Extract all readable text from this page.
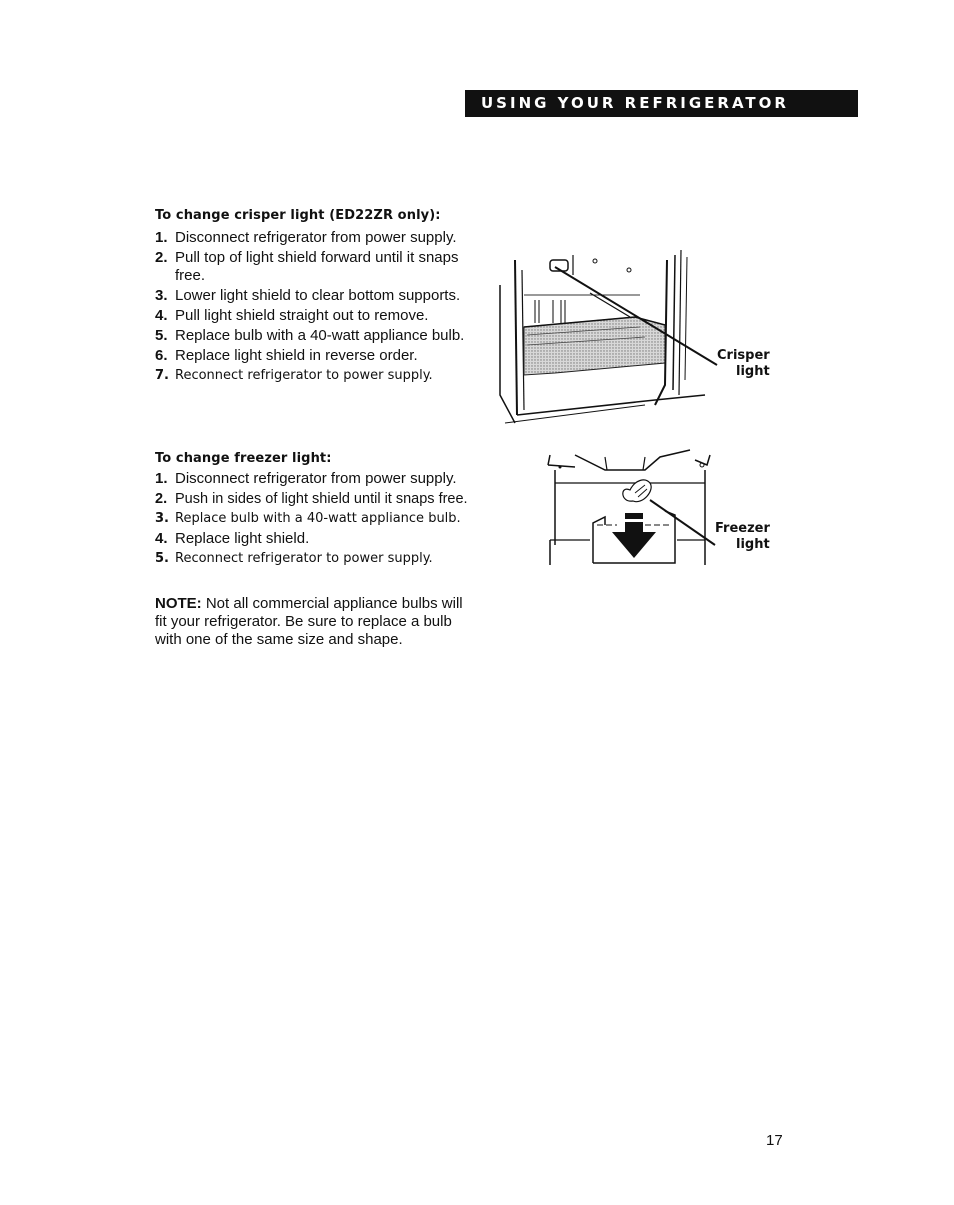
USING YOUR REFRIGERATOR
To change crisper light (ED22ZR only):
1. Disconnect refrigerator from power supply.
2. Pull top of light shield forward until it snaps free.
3. Lower light shield to clear bottom supports.
4. Pull light shield straight out to remove.
5. Replace bulb with a 40-watt appliance bulb.
6. Replace light shield in reverse order.
7. Reconnect refrigerator to power supply.
Crisper
light
To change freezer light:
1. Disconnect refrigerator from power supply.
2. Push in sides of light shield until it snaps free.
3. Replace bulb with a 40-watt appliance bulb.
4. Replace light shield.
5. Reconnect refrigerator to power supply.
Freezer
light
NOTE: Not all commercial appliance bulbs will fit your refrigerator. Be sure to replace a bulb with one of the same size and shape.
17
